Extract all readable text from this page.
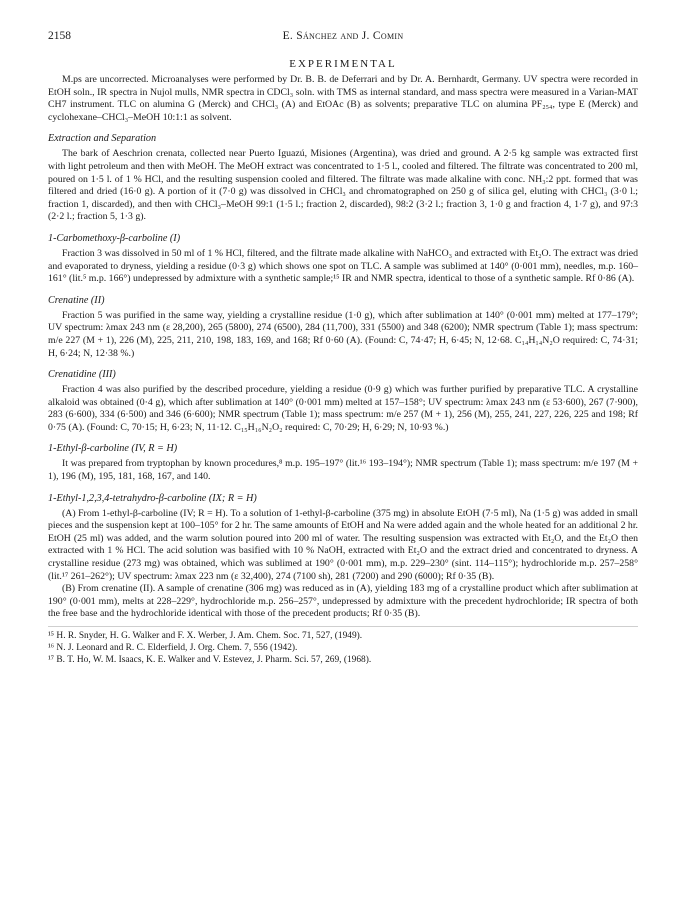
2158	E. Sánchez and J. Comin
EXPERIMENTAL

M.ps are uncorrected. Microanalyses were performed by Dr. B. B. de Deferrari and by Dr. A. Bernhardt, Germany. UV spectra were recorded in EtOH soln., IR spectra in Nujol mulls, NMR spectra in CDCl₃ soln. with TMS as internal standard, and mass spectra were measured in a Varian-MAT CH7 instrument. TLC on alumina G (Merck) and CHCl₃ (A) and EtOAc (B) as solvents; preparative TLC on alumina PF₂₅₄, type E (Merck) and cyclohexane–CHCl₃–MeOH 10:1:1 as solvent.

Extraction and Separation

The bark of Aeschrion crenata, collected near Puerto Iguazú, Misiones (Argentina), was dried and ground. A 2·5 kg sample was extracted first with light petroleum and then with MeOH. The MeOH extract was concentrated to 1·5 l., cooled and filtered. The filtrate was concentrated to 200 ml, poured on 1·5 l. of 1 % HCl, and the resulting suspension cooled and filtered. The filtrate was made alkaline with conc. NH₃:2 ppt. formed that was filtered and dried (16·0 g). A portion of it (7·0 g) was dissolved in CHCl₃ and chromatographed on 250 g of silica gel, eluting with CHCl₃ (3·0 l.; fraction 1, discarded), and then with CHCl₃–MeOH 99:1 (1·5 l.; fraction 2, discarded), 98:2 (3·2 l.; fraction 3, 1·0 g and fraction 4, 1·7 g), and 97:3 (2·2 l.; fraction 5, 1·3 g).

1-Carbomethoxy-β-carboline (I)

Fraction 3 was dissolved in 50 ml of 1 % HCl, filtered, and the filtrate made alkaline with NaHCO₃ and extracted with Et₂O. The extract was dried and evaporated to dryness, yielding a residue (0·3 g) which shows one spot on TLC. A sample was sublimed at 140° (0·001 mm), needles, m.p. 160–161° (lit.⁵ m.p. 166°) undepressed by admixture with a synthetic sample;¹⁵ IR and NMR spectra, identical to those of a synthetic sample. Rf 0·86 (A).

Crenatine (II)

Fraction 5 was purified in the same way, yielding a crystalline residue (1·0 g), which after sublimation at 140° (0·001 mm) melted at 177–179°; UV spectrum: λmax 243 nm (ε 28,200), 265 (5800), 274 (6500), 284 (11,700), 331 (5500) and 348 (6200); NMR spectrum (Table 1); mass spectrum: m/e 227 (M + 1), 226 (M), 225, 211, 210, 198, 183, 169, and 168; Rf 0·60 (A). (Found: C, 74·47; H, 6·45; N, 12·68. C₁₄H₁₄N₂O required: C, 74·31; H, 6·24; N, 12·38 %.)

Crenatidine (III)

Fraction 4 was also purified by the described procedure, yielding a residue (0·9 g) which was further purified by preparative TLC. A crystalline alkaloid was obtained (0·4 g), which after sublimation at 140° (0·001 mm) melted at 157–158°; UV spectrum: λmax 243 nm (ε 53·600), 267 (7·900), 283 (6·600), 334 (6·500) and 346 (6·600); NMR spectrum (Table 1); mass spectrum: m/e 257 (M + 1), 256 (M), 255, 241, 227, 226, 225 and 198; Rf 0·75 (A). (Found: C, 70·15; H, 6·23; N, 11·12. C₁₅H₁₆N₂O₂ required: C, 70·29; H, 6·29; N, 10·93 %.)

1-Ethyl-β-carboline (IV, R = H)

It was prepared from tryptophan by known procedures,⁸ m.p. 195–197° (lit.¹⁶ 193–194°); NMR spectrum (Table 1); mass spectrum: m/e 197 (M + 1), 196 (M), 195, 181, 168, 167, and 140.

1-Ethyl-1,2,3,4-tetrahydro-β-carboline (IX; R = H)

(A) From 1-ethyl-β-carboline (IV; R = H). To a solution of 1-ethyl-β-carboline (375 mg) in absolute EtOH (7·5 ml), Na (1·5 g) was added in small pieces and the suspension kept at 100–105° for 2 hr. The same amounts of EtOH and Na were added again and the whole heated for an additional 2 hr. EtOH (25 ml) was added, and the warm solution poured into 200 ml of water. The resulting suspension was extracted with Et₂O, and the Et₂O then extracted with 1 % HCl. The acid solution was basified with 10 % NaOH, extracted with Et₂O and the extract dried and concentrated to dryness. A crystalline residue (273 mg) was obtained, which was sublimed at 190° (0·001 mm), m.p. 229–230° (sint. 114–115°); hydrochloride m.p. 257–258° (lit.¹⁷ 261–262°); UV spectrum: λmax 223 nm (ε 32,400), 274 (7100 sh), 281 (7200) and 290 (6000); Rf 0·35 (B).

(B) From crenatine (II). A sample of crenatine (306 mg) was reduced as in (A), yielding 183 mg of a crystalline product which after sublimation at 190° (0·001 mm), melts at 228–229°, hydrochloride m.p. 256–257°, undepressed by admixture with the precedent hydrochloride; IR spectra of both the free base and the hydrochloride identical with those of the precedent products; Rf 0·35 (B).

¹⁵ H. R. Snyder, H. G. Walker and F. X. Werber, J. Am. Chem. Soc. 71, 527, (1949).
¹⁶ N. J. Leonard and R. C. Elderfield, J. Org. Chem. 7, 556 (1942).
¹⁷ B. T. Ho, W. M. Isaacs, K. E. Walker and V. Estevez, J. Pharm. Sci. 57, 269, (1968).
